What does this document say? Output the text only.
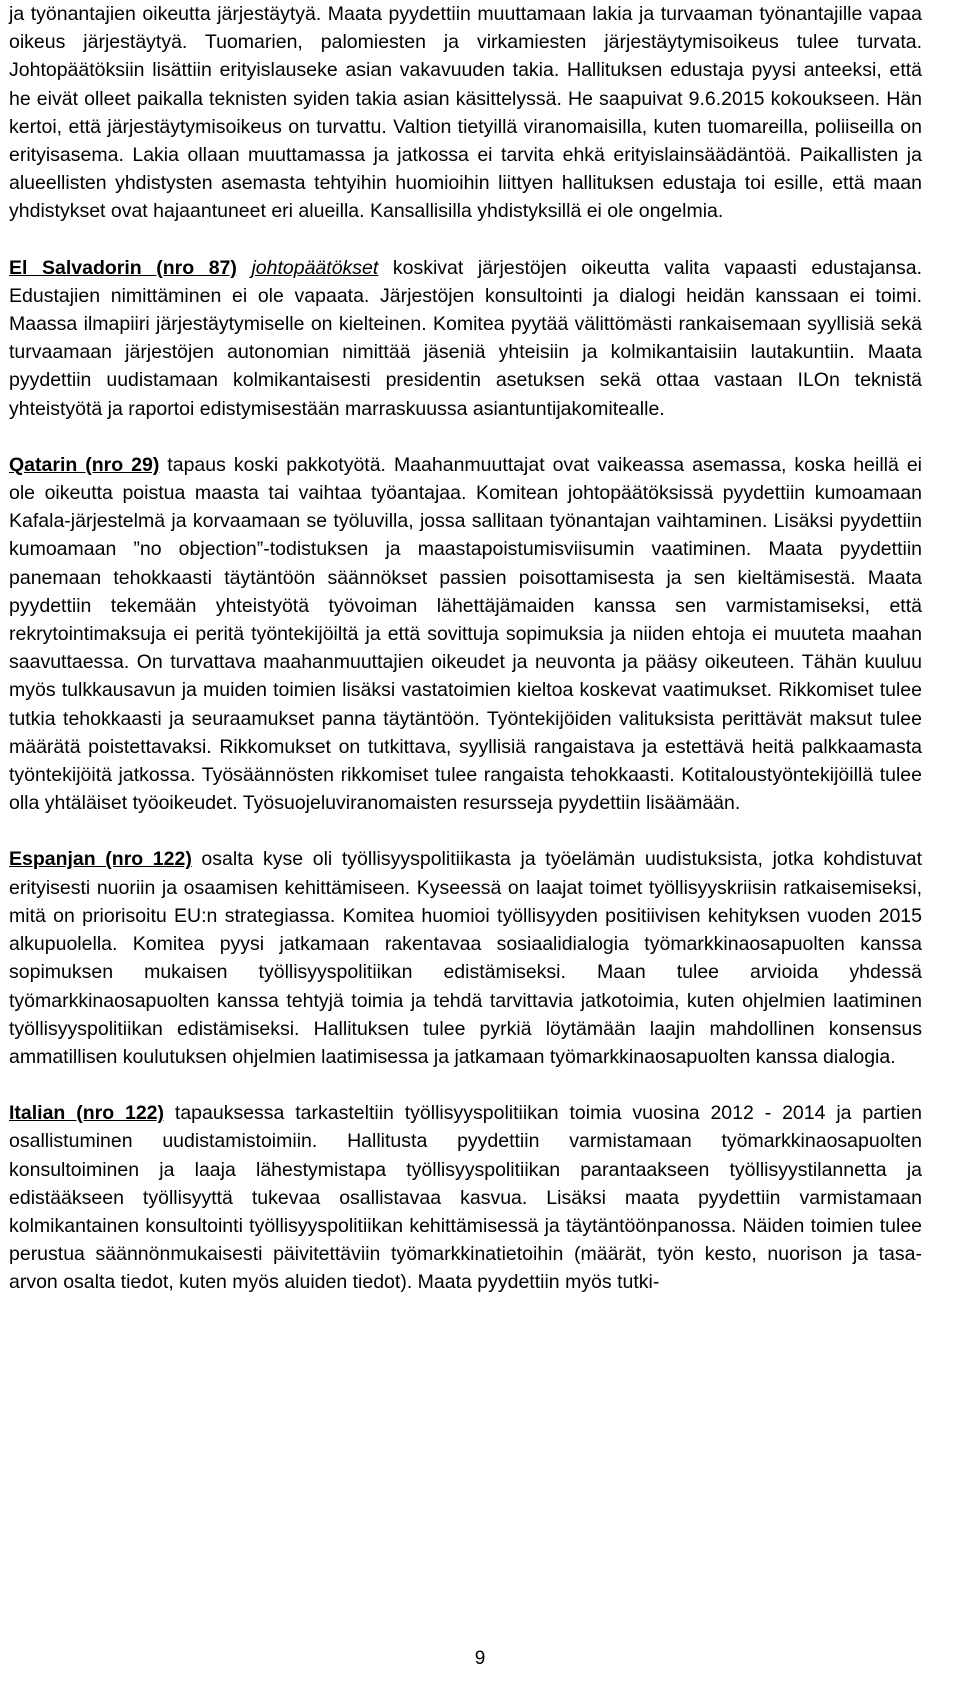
ja työnantajien oikeutta järjestäytyä. Maata pyydettiin muuttamaan lakia ja turvaaman työnantajille vapaa oikeus järjestäytyä. Tuomarien, palomiesten ja virkamiesten järjestäytymisoikeus tulee turvata. Johtopäätöksiin lisättiin erityislauseke asian vakavuuden takia. Hallituksen edustaja pyysi anteeksi, että he eivät olleet paikalla teknisten syiden takia asian käsittelyssä. He saapuivat 9.6.2015 kokoukseen. Hän kertoi, että järjestäytymisoikeus on turvattu. Valtion tietyillä viranomaisilla, kuten tuomareilla, poliiseilla on erityisasema. Lakia ollaan muuttamassa ja jatkossa ei tarvita ehkä erityislainsäädäntöä. Paikallisten ja alueellisten yhdistysten asemasta tehtyihin huomioihin liittyen hallituksen edustaja toi esille, että maan yhdistykset ovat hajaantuneet eri alueilla. Kansallisilla yhdistyksillä ei ole ongelmia.

El Salvadorin (nro 87) johtopäätökset koskivat järjestöjen oikeutta valita vapaasti edustajansa. Edustajien nimittäminen ei ole vapaata. Järjestöjen konsultointi ja dialogi heidän kanssaan ei toimi. Maassa ilmapiiri järjestäytymiselle on kielteinen. Komitea pyytää välittömästi rankaisemaan syyllisiä sekä turvaamaan järjestöjen autonomian nimittää jäseniä yhteisiin ja kolmikantaisiin lautakuntiin. Maata pyydettiin uudistamaan kolmikantaisesti presidentin asetuksen sekä ottaa vastaan ILOn teknistä yhteistyötä ja raportoi edistymisestään marraskuussa asiantuntijakomitealle.

Qatarin (nro 29) tapaus koski pakkotyötä. Maahanmuuttajat ovat vaikeassa asemassa, koska heillä ei ole oikeutta poistua maasta tai vaihtaa työantajaa. Komitean johtopäätöksissä pyydettiin kumoamaan Kafala-järjestelmä ja korvaamaan se työluvilla, jossa sallitaan työnantajan vaihtaminen. Lisäksi pyydettiin kumoamaan ”no objection”-todistuksen ja maastapoistumisviisumin vaatiminen. Maata pyydettiin panemaan tehokkaasti täytäntöön säännökset passien poisottamisesta ja sen kieltämisestä. Maata pyydettiin tekemään yhteistyötä työvoiman lähettäjämaiden kanssa sen varmistamiseksi, että rekrytointimaksuja ei peritä työntekijöiltä ja että sovittuja sopimuksia ja niiden ehtoja ei muuteta maahan saavuttaessa. On turvattava maahanmuuttajien oikeudet ja neuvonta ja pääsy oikeuteen. Tähän kuuluu myös tulkkausavun ja muiden toimien lisäksi vastatoimien kieltoa koskevat vaatimukset. Rikkomiset tulee tutkia tehokkaasti ja seuraamukset panna täytäntöön. Työntekijöiden valituksista perittävät maksut tulee määrätä poistettavaksi. Rikkomukset on tutkittava, syyllisiä rangaistava ja estettävä heitä palkkaamasta työntekijöitä jatkossa. Työsäännösten rikkomiset tulee rangaista tehokkaasti. Kotitaloustyöntekijöillä tulee olla yhtäläiset työoikeudet. Työsuojeluviranomaisten resursseja pyydettiin lisäämään.

Espanjan (nro 122) osalta kyse oli työllisyyspolitiikasta ja työelämän uudistuksista, jotka kohdistuvat erityisesti nuoriin ja osaamisen kehittämiseen. Kyseessä on laajat toimet työllisyyskriisin ratkaisemiseksi, mitä on priorisoitu EU:n strategiassa. Komitea huomioi työllisyyden positiivisen kehityksen vuoden 2015 alkupuolella. Komitea pyysi jatkamaan rakentavaa sosiaalidialogia työmarkkinaosapuolten kanssa sopimuksen mukaisen työllisyyspolitiikan edistämiseksi. Maan tulee arvioida yhdessä työmarkkinaosapuolten kanssa tehtyjä toimia ja tehdä tarvittavia jatkotoimia, kuten ohjelmien laatiminen työllisyyspolitiikan edistämiseksi. Hallituksen tulee pyrkiä löytämään laajin mahdollinen konsensus ammatillisen koulutuksen ohjelmien laatimisessa ja jatkamaan työmarkkinaosapuolten kanssa dialogia.

Italian (nro 122) tapauksessa tarkasteltiin työllisyyspolitiikan toimia vuosina 2012 - 2014 ja partien osallistuminen uudistamistoimiin. Hallitusta pyydettiin varmistamaan työmarkkinaosapuolten konsultoiminen ja laaja lähestymistapa työllisyyspolitiikan parantaakseen työllisyystilannetta ja edistääkseen työllisyyttä tukevaa osallistavaa kasvua. Lisäksi maata pyydettiin varmistamaan kolmikantainen konsultointi työllisyyspolitiikan kehittämisessä ja täytäntöönpanossa. Näiden toimien tulee perustua säännönmukaisesti päivitettäviin työmarkkinatietoihin (määrät, työn kesto, nuorison ja tasa-arvon osalta tiedot, kuten myös aluiden tiedot). Maata pyydettiin myös tutki-

9
